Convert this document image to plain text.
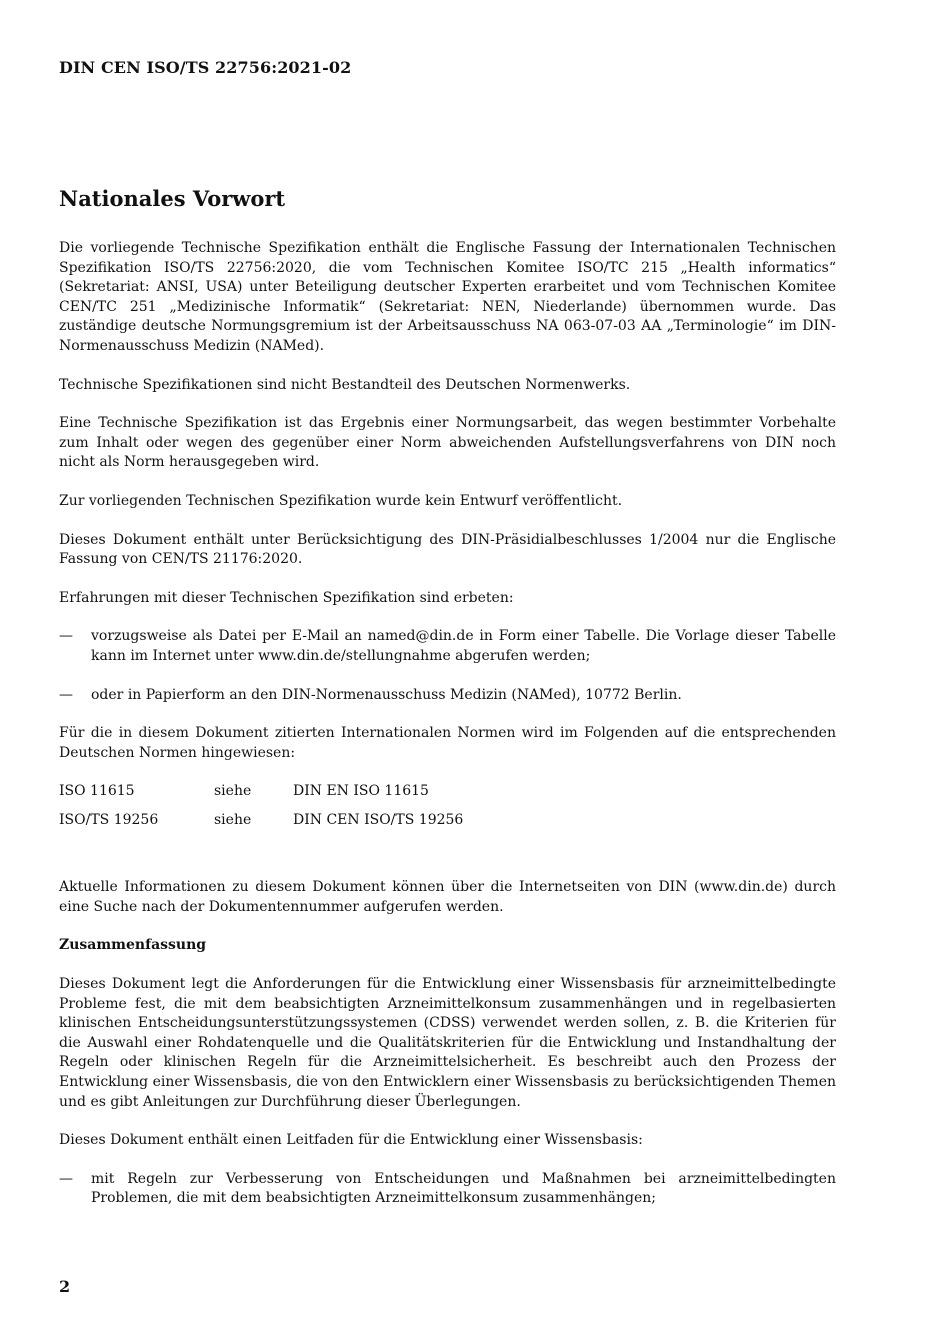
DIN CEN ISO/TS 22756:2021-02
Nationales Vorwort

Die vorliegende Technische Spezifikation enthält die Englische Fassung der Internationalen Technischen Spezifikation ISO/TS 22756:2020, die vom Technischen Komitee ISO/TC 215 „Health informatics“ (Sekretariat: ANSI, USA) unter Beteiligung deutscher Experten erarbeitet und vom Technischen Komitee CEN/TC 251 „Medizinische Informatik“ (Sekretariat: NEN, Niederlande) übernommen wurde. Das zuständige deutsche Normungsgremium ist der Arbeitsausschuss NA 063-07-03 AA „Terminologie“ im DIN-Normenausschuss Medizin (NAMed).

Technische Spezifikationen sind nicht Bestandteil des Deutschen Normenwerks.

Eine Technische Spezifikation ist das Ergebnis einer Normungsarbeit, das wegen bestimmter Vorbehalte zum Inhalt oder wegen des gegenüber einer Norm abweichenden Aufstellungsverfahrens von DIN noch nicht als Norm herausgegeben wird.

Zur vorliegenden Technischen Spezifikation wurde kein Entwurf veröffentlicht.

Dieses Dokument enthält unter Berücksichtigung des DIN-Präsidialbeschlusses 1/2004 nur die Englische Fassung von CEN/TS 21176:2020.

Erfahrungen mit dieser Technischen Spezifikation sind erbeten:

— vorzugsweise als Datei per E-Mail an named@din.de in Form einer Tabelle. Die Vorlage dieser Tabelle kann im Internet unter www.din.de/stellungnahme abgerufen werden;
— oder in Papierform an den DIN-Normenausschuss Medizin (NAMed), 10772 Berlin.

Für die in diesem Dokument zitierten Internationalen Normen wird im Folgenden auf die entsprechenden Deutschen Normen hingewiesen:

ISO 11615	siehe	DIN EN ISO 11615
ISO/TS 19256	siehe	DIN CEN ISO/TS 19256

Aktuelle Informationen zu diesem Dokument können über die Internetseiten von DIN (www.din.de) durch eine Suche nach der Dokumentennummer aufgerufen werden.

Zusammenfassung

Dieses Dokument legt die Anforderungen für die Entwicklung einer Wissensbasis für arzneimittelbedingte Probleme fest, die mit dem beabsichtigten Arzneimittelkonsum zusammenhängen und in regelbasierten klinischen Entscheidungsunterstützungssystemen (CDSS) verwendet werden sollen, z. B. die Kriterien für die Auswahl einer Rohdatenquelle und die Qualitätskriterien für die Entwicklung und Instandhaltung der Regeln oder klinischen Regeln für die Arzneimittelsicherheit. Es beschreibt auch den Prozess der Entwicklung einer Wissensbasis, die von den Entwicklern einer Wissensbasis zu berücksichtigenden Themen und es gibt Anleitungen zur Durchführung dieser Überlegungen.

Dieses Dokument enthält einen Leitfaden für die Entwicklung einer Wissensbasis:

— mit Regeln zur Verbesserung von Entscheidungen und Maßnahmen bei arzneimittelbedingten Problemen, die mit dem beabsichtigten Arzneimittelkonsum zusammenhängen;
2
